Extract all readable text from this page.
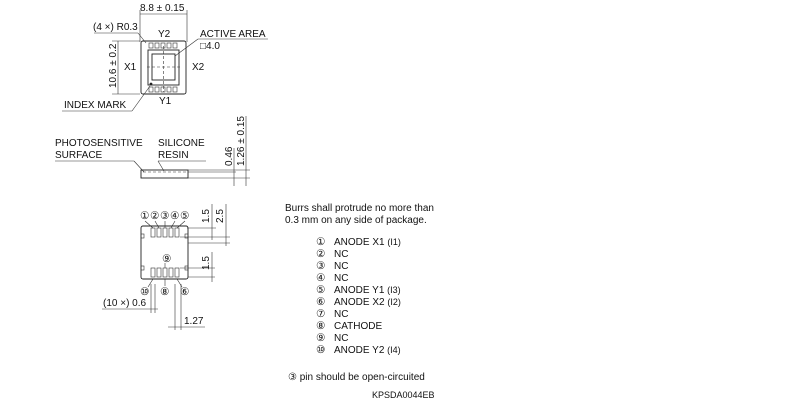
8.8 ± 0.15
(4 ×) R0.3
10.6 ± 0.2
Y2
Y1
X1	X2
ACTIVE AREA
□4.0
INDEX MARK
PHOTOSENSITIVE
SURFACE
SILICONE
RESIN	0.46 1.26 ± 0.15
① ② ③ ④ ⑤
⑨
⑩ ⑧ ⑥
1.5 2.5
1.5
(10 ×) 0.6
1.27
Burrs shall protrude no more than
0.3 mm on any side of package.
① ANODE X1 (I1)
② NC
③ NC
④ NC
⑤ ANODE Y1 (I3)
⑥ ANODE X2 (I2)
⑦ NC
⑧ CATHODE
⑨ NC
⑩ ANODE Y2 (I4)
③ pin should be open-circuited
KPSDA0044EB
